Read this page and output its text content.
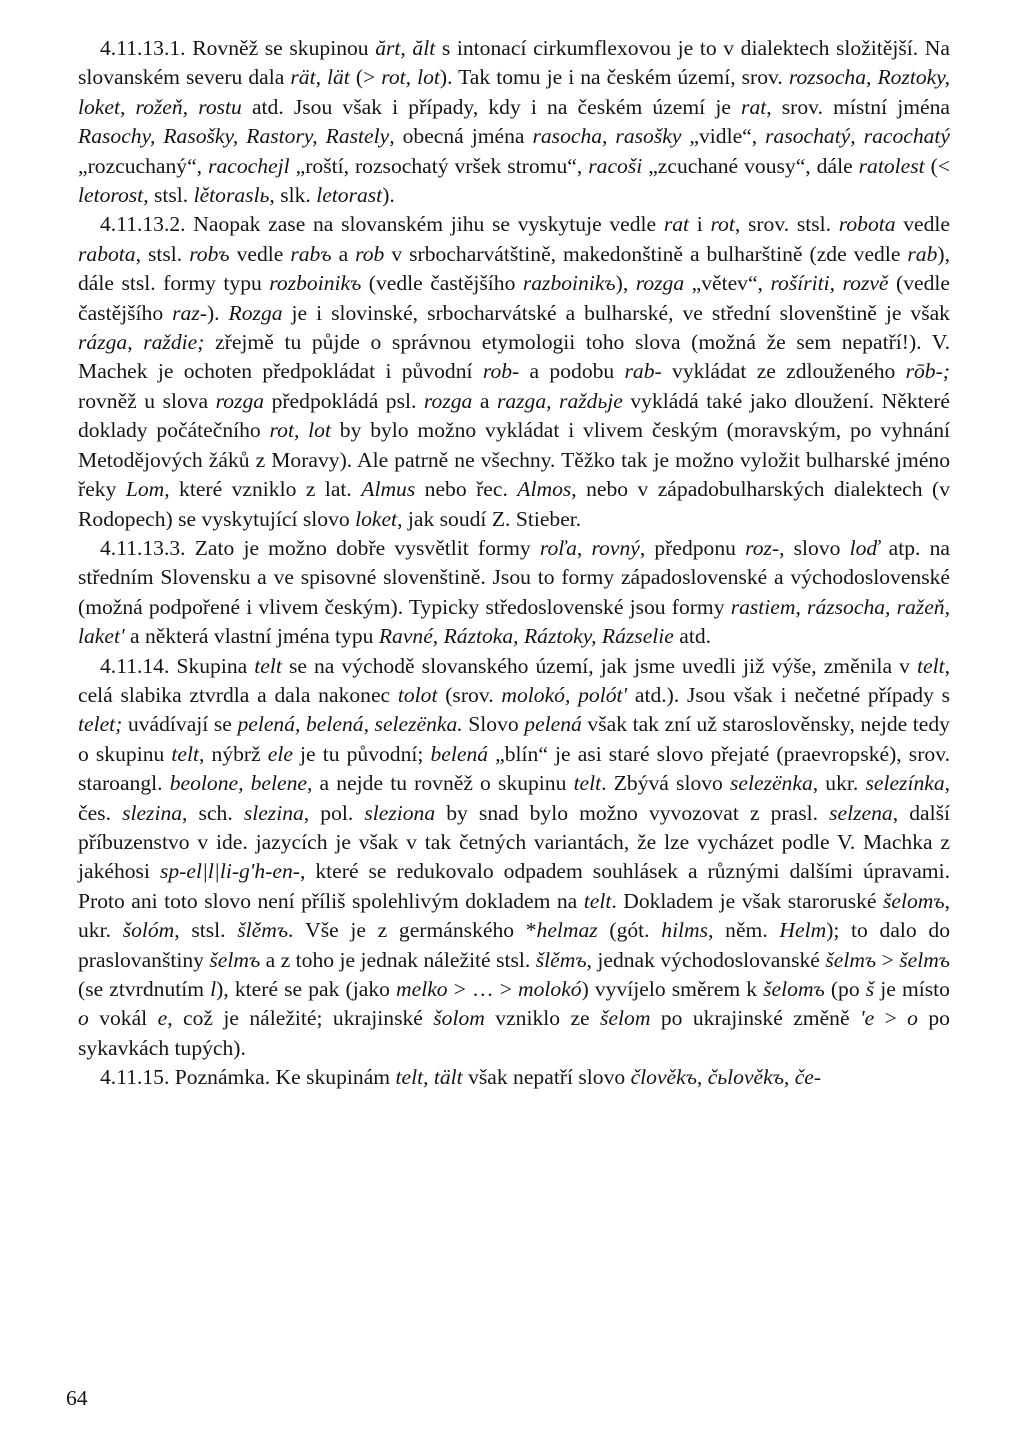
4.11.13.1. Rovněž se skupinou ărt, ălt s intonací cirkumflexovou je to v dialektech složitější. Na slovanském severu dala rät, lät (> rot, lot). Tak tomu je i na českém území, srov. rozsocha, Roztoky, loket, rožeň, rostu atd. Jsou však i případy, kdy i na českém území je rat, srov. místní jména Rasochy, Rasošky, Rastory, Rastely, obecná jména rasocha, rasošky „vidle“, rasochatý, racochatý „rozcuchaný“, racochejl „roští, rozsochatý vršek stromu“, racoši „zcuchané vousy“, dále ratolest (< letorost, stsl. lětoraslь, slk. letorast).

4.11.13.2. Naopak zase na slovanském jihu se vyskytuje vedle rat i rot, srov. stsl. robota vedle rabota, stsl. robъ vedle rabъ a rob v srbocharvátštině, makedonštině a bulharštině (zde vedle rab), dále stsl. formy typu rozboinikъ (vedle častějšího razboinikъ), rozga „větev“, rošíriti, rozvě (vedle častějšího raz-). Rozga je i slovinské, srbocharvátské a bulharské, ve střední slovenštině je však rázga, raždie; zřejmě tu půjde o správnou etymologii toho slova (možná že sem nepatří!). V. Machek je ochoten předpokládat i původní rob- a podobu rab- vykládat ze zdlouženého rōb-; rovněž u slova rozga předpokládá psl. rozga a razga, raždьje vykládá také jako dloužení. Některé doklady počátečního rot, lot by bylo možno vykládat i vlivem českým (moravským, po vyhnání Metodějových žáků z Moravy). Ale patrně ne všechny. Těžko tak je možno vyložit bulharské jméno řeky Lom, které vzniklo z lat. Almus nebo řec. Almos, nebo v západobulharských dialektech (v Rodopech) se vyskytující slovo loket, jak soudí Z. Stieber.

4.11.13.3. Zato je možno dobře vysvětlit formy roľa, rovný, předponu roz-, slovo loď atp. na středním Slovensku a ve spisovné slovenštině. Jsou to formy západoslovenské a východoslovenské (možná podpořené i vlivem českým). Typicky středoslovenské jsou formy rastiem, rázsocha, ražeň, laket' a některá vlastní jména typu Ravné, Ráztoka, Ráztoky, Rázselie atd.

4.11.14. Skupina telt se na východě slovanského území, jak jsme uvedli již výše, změnila v telt, celá slabika ztvrdla a dala nakonec tolot (srov. molokó, polót' atd.). Jsou však i nečetné případy s telet; uvádívají se pelená, belená, selezënka. Slovo pelená však tak zní už staroslověnsky, nejde tedy o skupinu telt, nýbrž ele je tu původní; belená „blín“ je asi staré slovo přejaté (praevropské), srov. staroangl. beolone, belene, a nejde tu rovněž o skupinu telt. Zbývá slovo selezënka, ukr. selezínka, čes. slezina, sch. slezina, pol. sleziona by snad bylo možno vyvozovat z prasl. selzena, další příbuzenstvo v ide. jazycích je však v tak četných variantách, že lze vycházet podle V. Machka z jakéhosi sp-el|l|li-g'h-en-, které se redukovalo odpadem souhlásek a různými dalšími úpravami. Proto ani toto slovo není příliš spolehlivým dokladem na telt. Dokladem je však staroruské šelomъ, ukr. šolóm, stsl. šlěmъ. Vše je z germánského *helmaz (gót. hilms, něm. Helm); to dalo do praslovanštiny šelmъ a z toho je jednak náležité stsl. šlěmъ, jednak východoslovanské šelmъ > šelmъ (se ztvrdnutím l), které se pak (jako melko > … > molokó) vyvíjelo směrem k šelomъ (po š je místo o vokál e, což je náležité; ukrajinské šolom vzniklo ze šelom po ukrajinské změně 'e > o po sykavkách tupých).

4.11.15. Poznámka. Ke skupinám telt, tält však nepatří slovo člověkъ, čьlověkъ, če-

64
